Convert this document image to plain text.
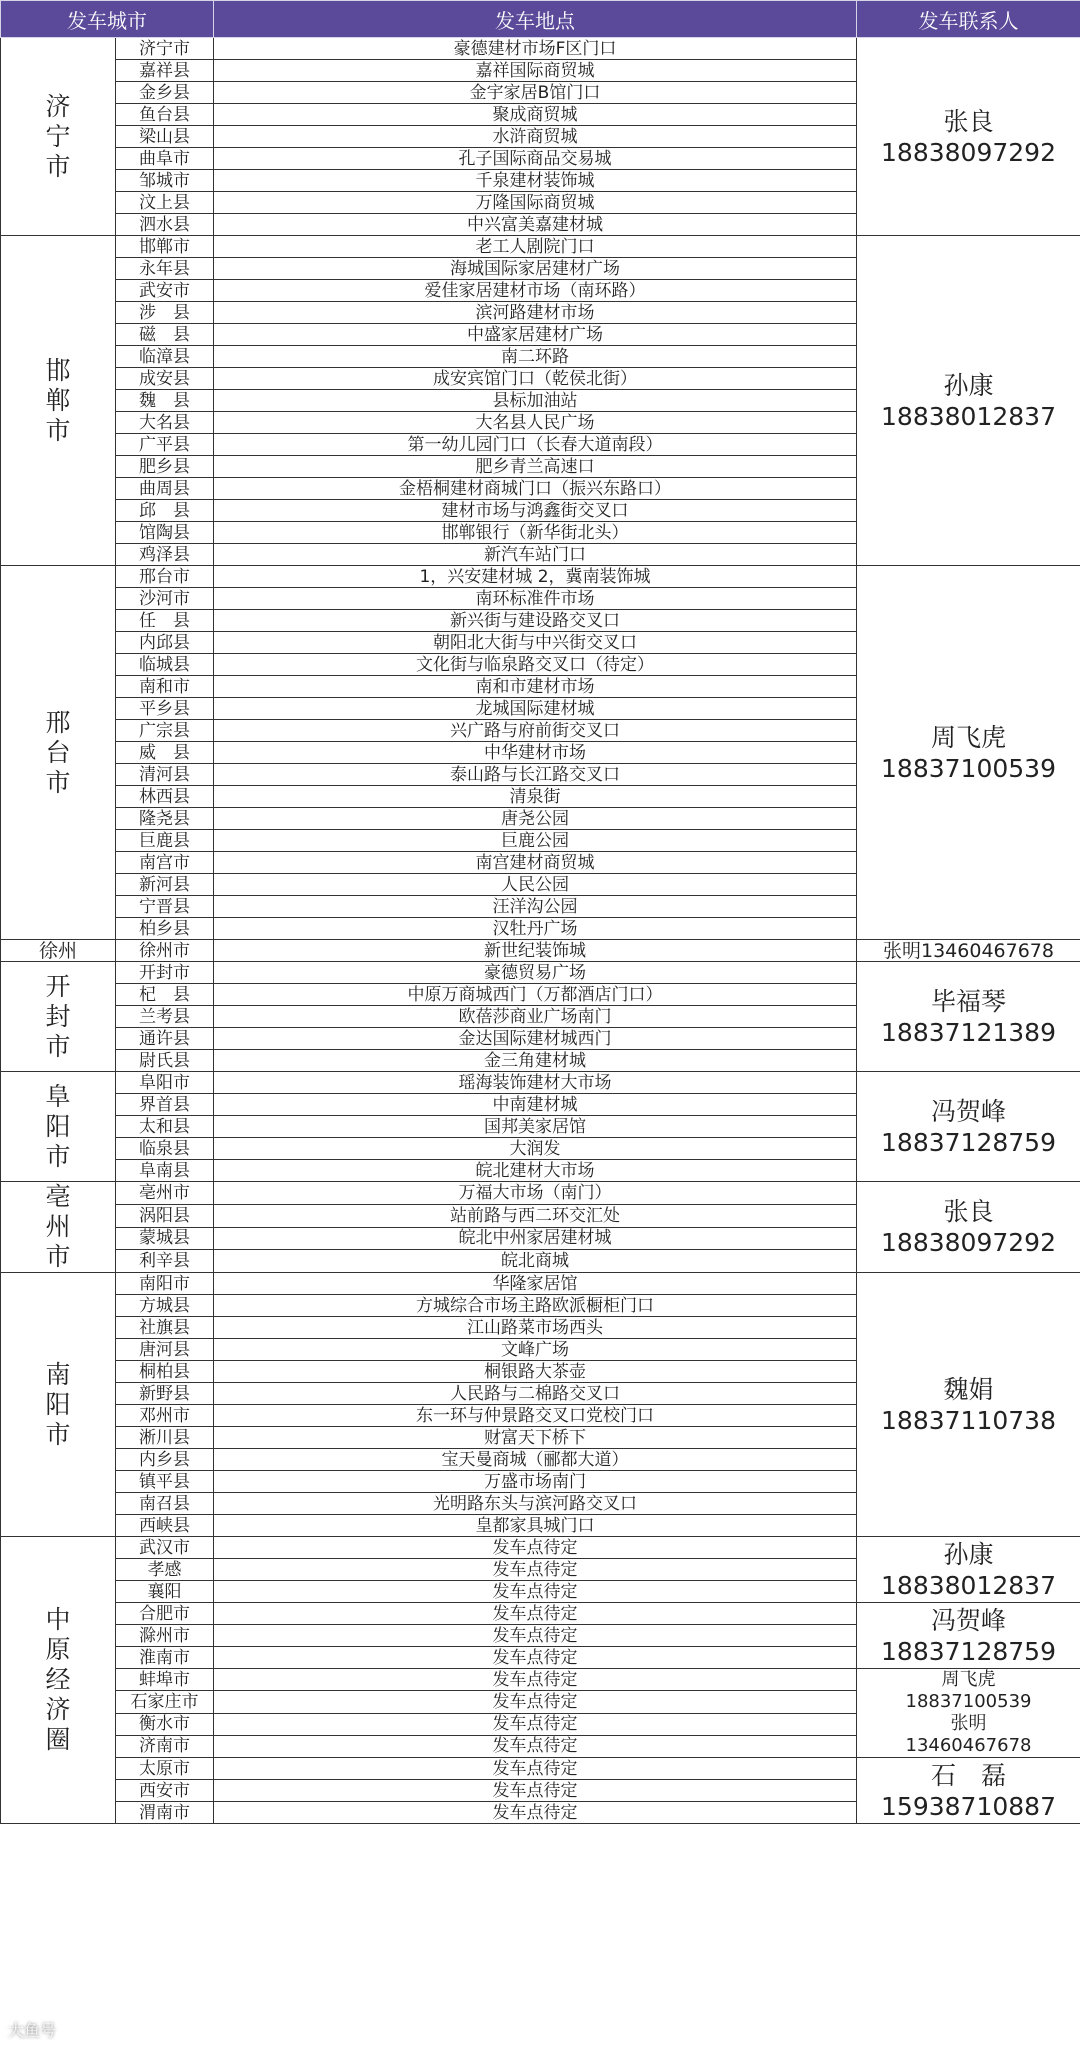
发车城市		发车地点	发车联系人

济宁市	济宁市	豪德建材市场F区门口	张良
18838097292

	嘉祥县	嘉祥国际商贸城	
	金乡县	金宇家居B馆门口	
	鱼台县	聚成商贸城	
	梁山县	水浒商贸城	
	曲阜市	孔子国际商品交易城	
	邹城市	千泉建材装饰城	
	汶上县	万隆国际商贸城	
	泗水县	中兴富美嘉建材城	

邯郸市	邯郸市	老工人剧院门口	孙康
18838012837

	永年县	海城国际家居建材广场	
	武安市	爱佳家居建材市场（南环路）	
	涉　县	滨河路建材市场	
	磁　县	中盛家居建材广场	
	临漳县	南二环路	
	成安县	成安宾馆门口（乾侯北街）	
	魏　县	县标加油站	
	大名县	大名县人民广场	
	广平县	第一幼儿园门口（长春大道南段）	
	肥乡县	肥乡青兰高速口	
	曲周县	金梧桐建材商城门口（振兴东路口）	
	邱　县	建材市场与鸿鑫街交叉口	
	馆陶县	邯郸银行（新华街北头）	
	鸡泽县	新汽车站门口	

邢台市	邢台市	1，兴安建材城 2，冀南装饰城	周飞虎
18837100539

	沙河市	南环标准件市场	
	任　县	新兴街与建设路交叉口	
	内邱县	朝阳北大街与中兴街交叉口	
	临城县	文化街与临泉路交叉口（待定）	
	南和市	南和市建材市场	
	平乡县	龙城国际建材城	
	广宗县	兴广路与府前街交叉口	
	威　县	中华建材市场	
	清河县	泰山路与长江路交叉口	
	林西县	清泉街	
	隆尧县	唐尧公园	
	巨鹿县	巨鹿公园	
	南宫市	南宫建材商贸城	
	新河县	人民公园	
	宁晋县	汪洋沟公园	
	柏乡县	汉牡丹广场	
徐州	徐州市	新世纪装饰城	张明13460467678

开封市	开封市	豪德贸易广场	毕福琴
18837121389

	杞　县	中原万商城西门（万都酒店门口）	
	兰考县	欧蓓莎商业广场南门	
	通许县	金达国际建材城西门	
	尉氏县	金三角建材城	

阜阳市	阜阳市	瑶海装饰建材大市场	冯贺峰
18837128759

	界首县	中南建材城	
	太和县	国邦美家居馆	
	临泉县	大润发	
	阜南县	皖北建材大市场	

亳州市	亳州市	万福大市场（南门）	张良
18838097292

	涡阳县	站前路与西二环交汇处	
	蒙城县	皖北中州家居建材城	
	利辛县	皖北商城	

南阳市	南阳市	华隆家居馆	魏娟
18837110738

	方城县	方城综合市场主路欧派橱柜门口	
	社旗县	江山路菜市场西头	
	唐河县	文峰广场	
	桐柏县	桐银路大茶壶	
	新野县	人民路与二棉路交叉口	
	邓州市	东一环与仲景路交叉口党校门口	
	淅川县	财富天下桥下	
	内乡县	宝天曼商城（郦都大道）	
	镇平县	万盛市场南门	
	南召县	光明路东头与滨河路交叉口	
	西峡县	皇都家具城门口	

中原经济圈	武汉市	发车点待定	孙康
18838012837

	孝感	发车点待定	
	襄阳	发车点待定	
	合肥市	发车点待定	冯贺峰
18837128759

	滁州市	发车点待定	
	淮南市	发车点待定	
	蚌埠市	发车点待定	周飞虎
18837100539
张明
13460467678

	石家庄市	发车点待定	
	衡水市	发车点待定	
	济南市	发车点待定	
	太原市	发车点待定	石　磊
15938710887

	西安市	发车点待定	
	渭南市	发车点待定	
大鱼号
